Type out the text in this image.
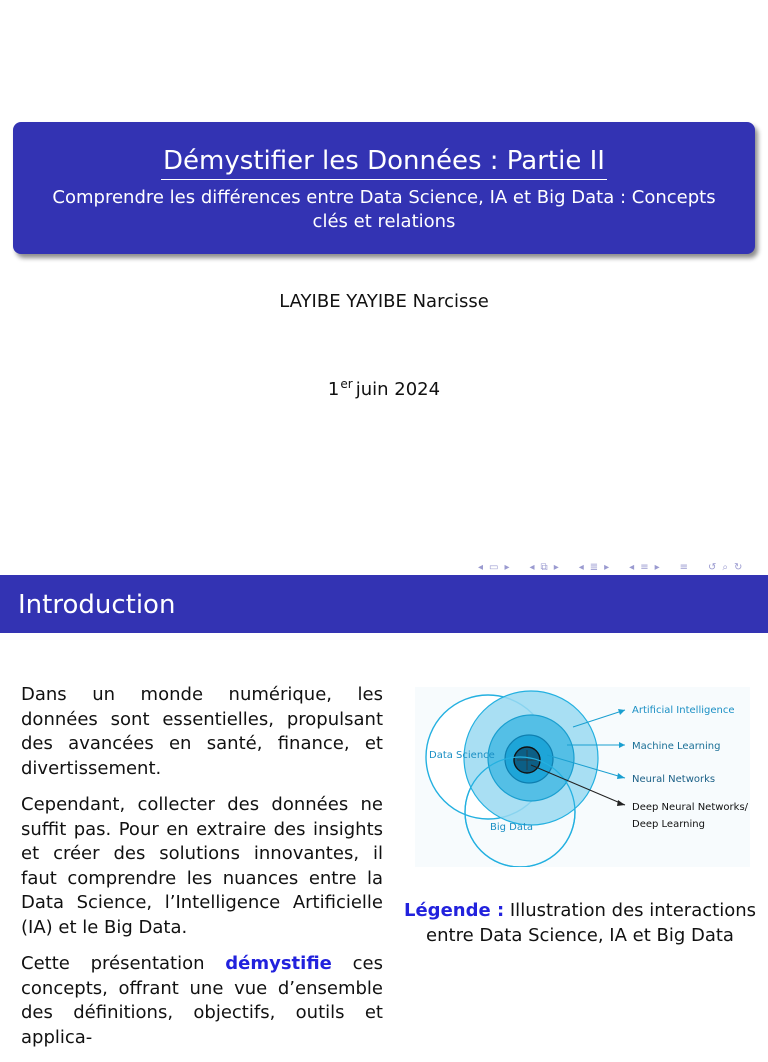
Démystifier les Données : Partie II
Comprendre les différences entre Data Science, IA et Big Data : Concepts clés et relations
LAYIBE YAYIBE Narcisse
1er juin 2024
◂ ▭ ▸ ◂ ⧉ ▸ ◂ ≣ ▸ ◂ ≡ ▸ ≡ ↺ ⌕ ↻
Introduction

Dans un monde numérique, les données sont essentielles, propulsant des avancées en santé, finance, et divertissement.

Cependant, collecter des données ne suffit pas. Pour en extraire des insights et créer des solutions innovantes, il faut comprendre les nuances entre la Data Science, l’Intelligence Artificielle (IA) et le Big Data.

Cette présentation démystifie ces concepts, offrant une vue d’ensemble des définitions, objectifs, outils et applica-

Data Science
Big Data
Artificial Intelligence
Machine Learning
Neural Networks
Deep Neural Networks/
Deep Learning
Légende : Illustration des interactions entre Data Science, IA et Big Data
